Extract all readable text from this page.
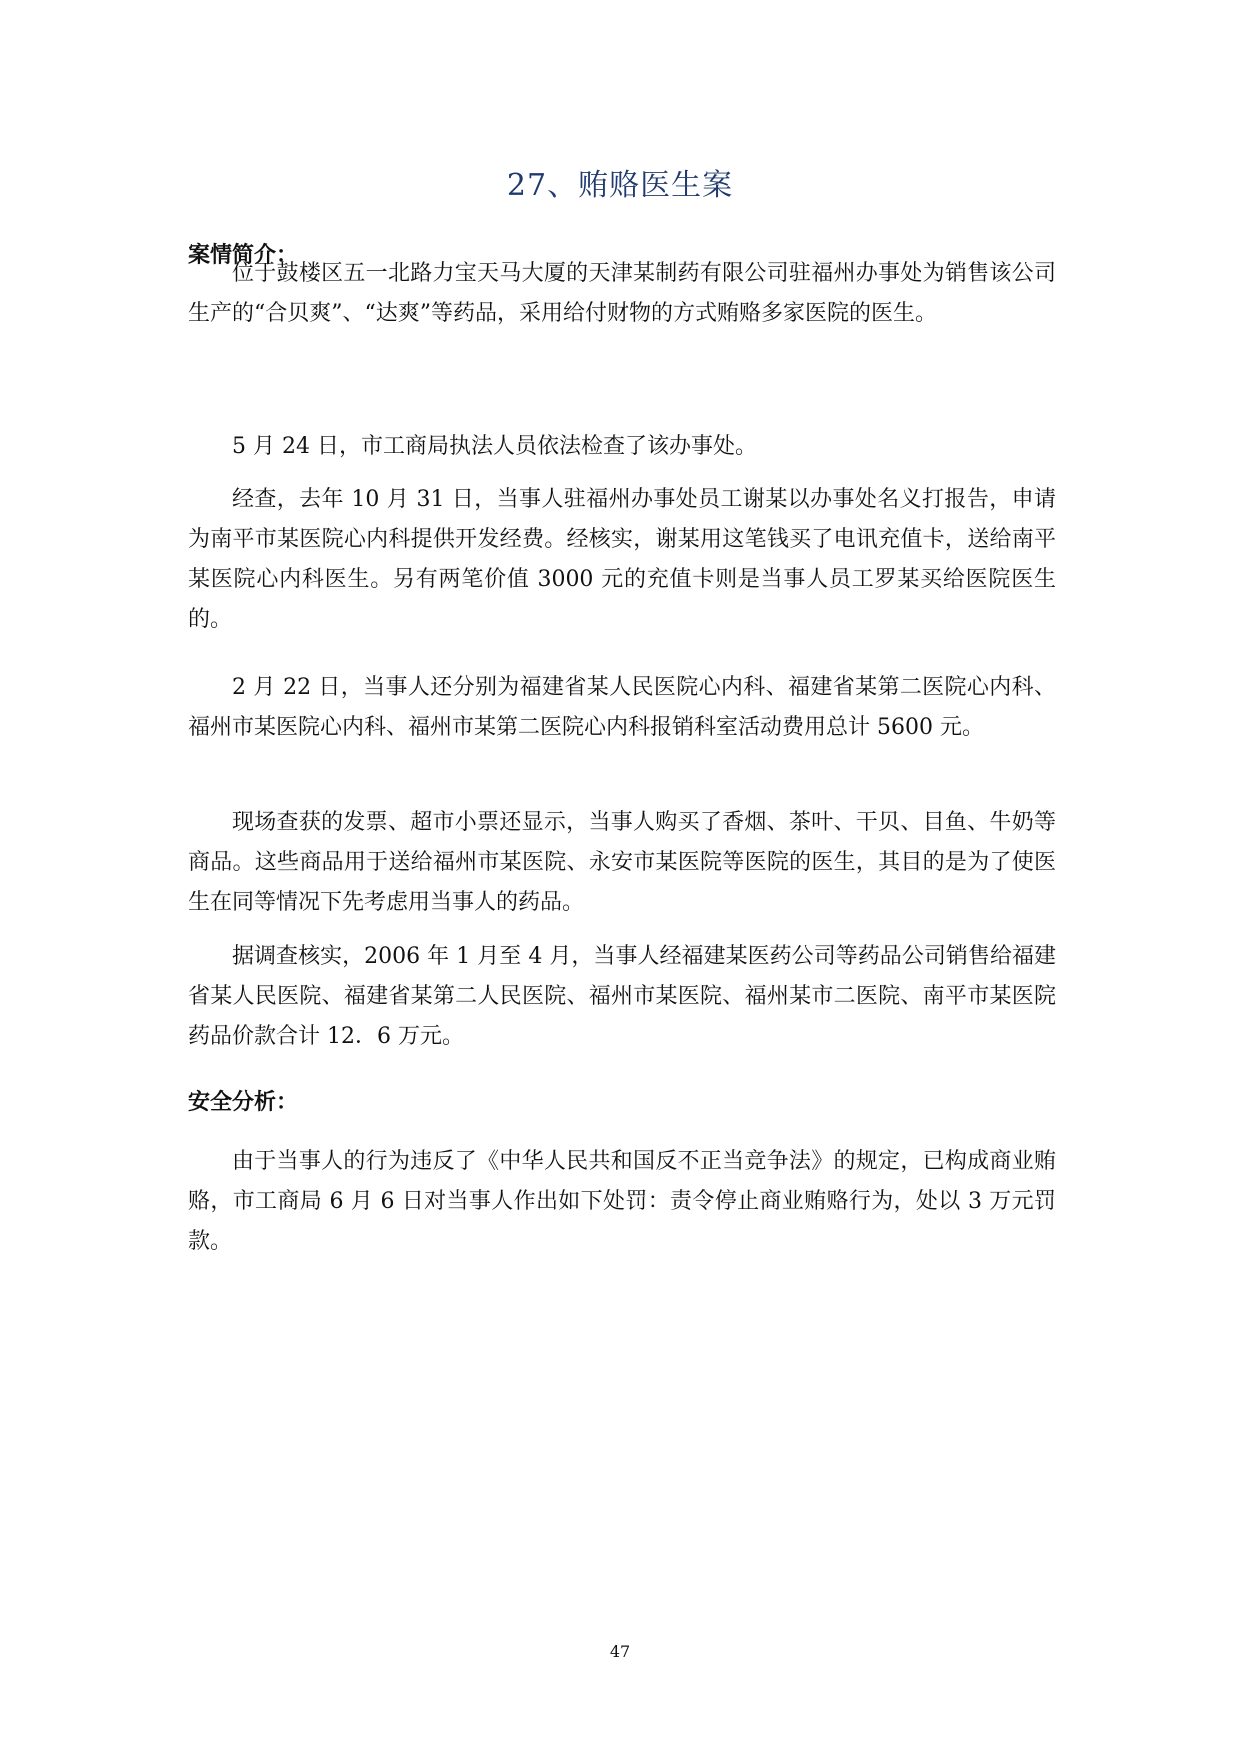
27、贿赂医生案
案情简介：

位于鼓楼区五一北路力宝天马大厦的天津某制药有限公司驻福州办事处为销售该公司生产的“合贝爽”、“达爽”等药品，采用给付财物的方式贿赂多家医院的医生。

5 月 24 日，市工商局执法人员依法检查了该办事处。

经查，去年 10 月 31 日，当事人驻福州办事处员工谢某以办事处名义打报告，申请为南平市某医院心内科提供开发经费。经核实，谢某用这笔钱买了电讯充值卡，送给南平某医院心内科医生。另有两笔价值 3000 元的充值卡则是当事人员工罗某买给医院医生的。

2 月 22 日，当事人还分别为福建省某人民医院心内科、福建省某第二医院心内科、福州市某医院心内科、福州市某第二医院心内科报销科室活动费用总计 5600 元。

现场查获的发票、超市小票还显示，当事人购买了香烟、茶叶、干贝、目鱼、牛奶等商品。这些商品用于送给福州市某医院、永安市某医院等医院的医生，其目的是为了使医生在同等情况下先考虑用当事人的药品。

据调查核实，2006 年 1 月至 4 月，当事人经福建某医药公司等药品公司销售给福建省某人民医院、福建省某第二人民医院、福州市某医院、福州某市二医院、南平市某医院药品价款合计 12．6 万元。

安全分析：

由于当事人的行为违反了《中华人民共和国反不正当竞争法》的规定，已构成商业贿赂，市工商局 6 月 6 日对当事人作出如下处罚：责令停止商业贿赂行为，处以 3 万元罚款。

47
